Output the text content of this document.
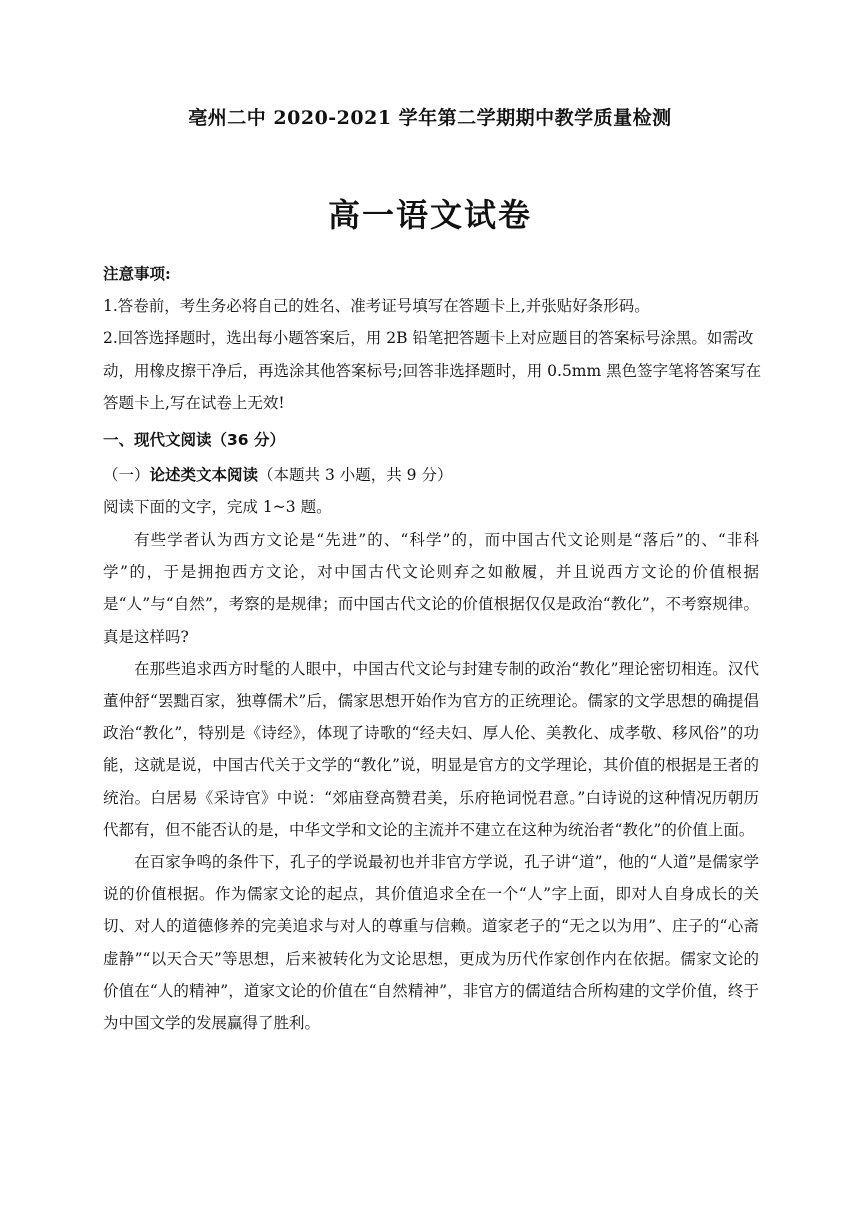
亳州二中 2020-2021 学年第二学期期中教学质量检测
高一语文试卷
注意事项:
1.答卷前，考生务必将自己的姓名、准考证号填写在答题卡上,并张贴好条形码。
2.回答选择题时，选出每小题答案后，用 2B 铅笔把答题卡上对应题目的答案标号涂黑。如需改动，用橡皮擦干净后，再选涂其他答案标号;回答非选择题时，用 0.5mm 黑色签字笔将答案写在答题卡上,写在试卷上无效!
一、现代文阅读（36 分）
（一）论述类文本阅读（本题共 3 小题，共 9 分）
阅读下面的文字，完成 1~3 题。

有些学者认为西方文论是“先进”的、“科学”的，而中国古代文论则是“落后”的、“非科学”的，于是拥抱西方文论，对中国古代文论则弃之如敝履，并且说西方文论的价值根据是“人”与“自然”，考察的是规律；而中国古代文论的价值根据仅仅是政治“教化”，不考察规律。真是这样吗?

在那些追求西方时髦的人眼中，中国古代文论与封建专制的政治“教化”理论密切相连。汉代董仲舒“罢黜百家，独尊儒术”后，儒家思想开始作为官方的正统理论。儒家的文学思想的确提倡政治“教化”，特别是《诗经》，体现了诗歌的“经夫妇、厚人伦、美教化、成孝敬、移风俗”的功能，这就是说，中国古代关于文学的“教化”说，明显是官方的文学理论，其价值的根据是王者的统治。白居易《采诗官》中说：“郊庙登高赞君美，乐府艳词悦君意。”白诗说的这种情况历朝历代都有，但不能否认的是，中华文学和文论的主流并不建立在这种为统治者“教化”的价值上面。

在百家争鸣的条件下，孔子的学说最初也并非官方学说，孔子讲“道”，他的“人道”是儒家学说的价值根据。作为儒家文论的起点，其价值追求全在一个“人”字上面，即对人自身成长的关切、对人的道德修养的完美追求与对人的尊重与信赖。道家老子的“无之以为用”、庄子的“心斋虚静”“以天合天”等思想，后来被转化为文论思想，更成为历代作家创作内在依据。儒家文论的价值在“人的精神”，道家文论的价值在“自然精神”，非官方的儒道结合所构建的文学价值，终于为中国文学的发展赢得了胜利。
